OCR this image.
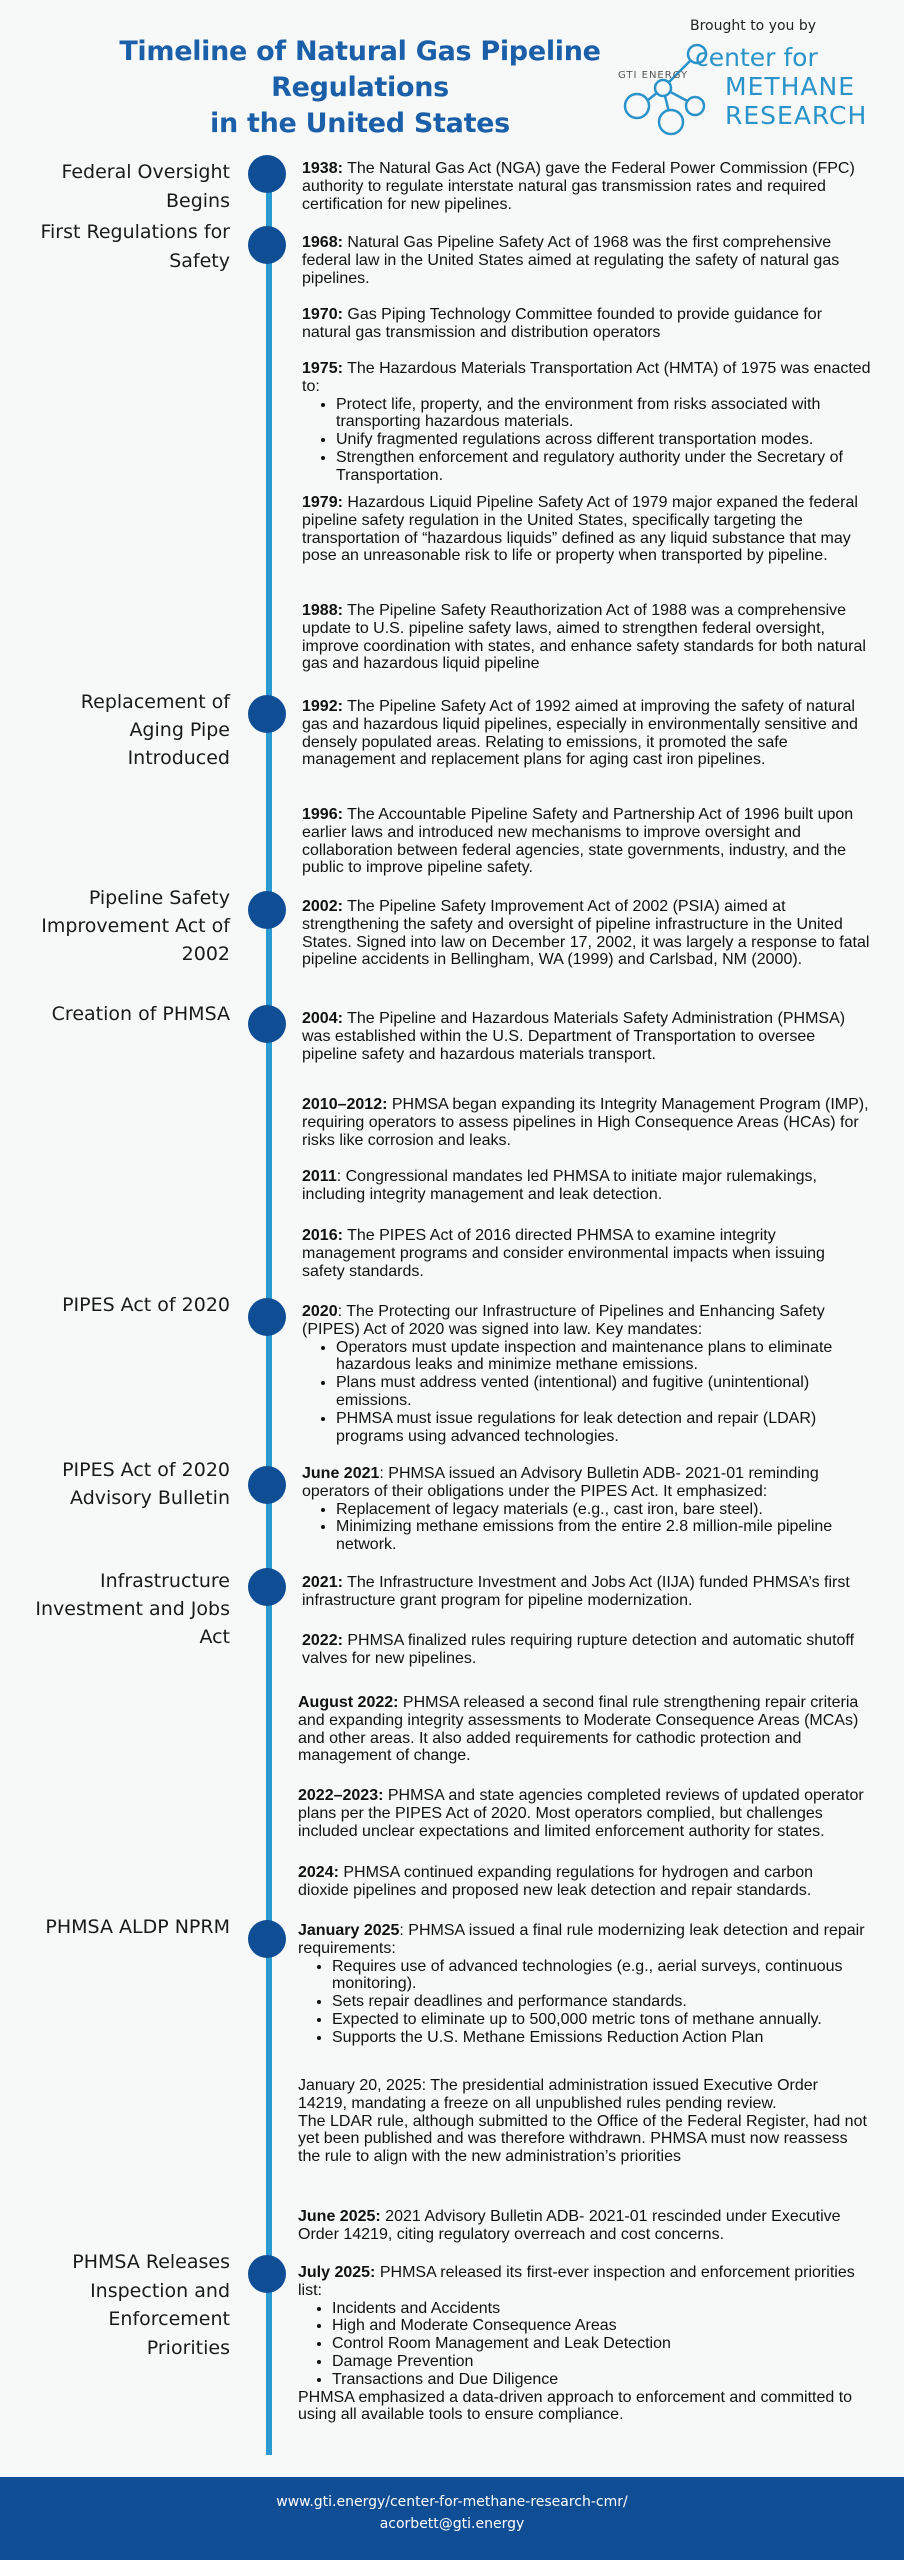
Timeline of Natural Gas Pipeline Regulations
in the United States
Brought to you by
GTI ENERGY
center for
METHANE
RESEARCH
Federal Oversight Begins
First Regulations for Safety
Replacement of Aging Pipe Introduced
Pipeline Safety Improvement Act of 2002
Creation of PHMSA
PIPES Act of 2020
PIPES Act of 2020 Advisory Bulletin
Infrastructure Investment and Jobs Act
PHMSA ALDP NPRM
PHMSA Releases Inspection and Enforcement Priorities
1938: The Natural Gas Act (NGA) gave the Federal Power Commission (FPC) authority to regulate interstate natural gas transmission rates and required certification for new pipelines.
1968: Natural Gas Pipeline Safety Act of 1968 was the first comprehensive federal law in the United States aimed at regulating the safety of natural gas pipelines.
1970: Gas Piping Technology Committee founded to provide guidance for natural gas transmission and distribution operators
1975: The Hazardous Materials Transportation Act (HMTA) of 1975 was enacted to:
• Protect life, property, and the environment from risks associated with transporting hazardous materials.
• Unify fragmented regulations across different transportation modes.
• Strengthen enforcement and regulatory authority under the Secretary of Transportation.
1979: Hazardous Liquid Pipeline Safety Act of 1979 major expaned the federal pipeline safety regulation in the United States, specifically targeting the transportation of “hazardous liquids” defined as any liquid substance that may pose an unreasonable risk to life or property when transported by pipeline.
1988: The Pipeline Safety Reauthorization Act of 1988 was a comprehensive update to U.S. pipeline safety laws, aimed to strengthen federal oversight, improve coordination with states, and enhance safety standards for both natural gas and hazardous liquid pipeline
1992: The Pipeline Safety Act of 1992 aimed at improving the safety of natural gas and hazardous liquid pipelines, especially in environmentally sensitive and densely populated areas. Relating to emissions, it promoted the safe management and replacement plans for aging cast iron pipelines.
1996: The Accountable Pipeline Safety and Partnership Act of 1996 built upon earlier laws and introduced new mechanisms to improve oversight and collaboration between federal agencies, state governments, industry, and the public to improve pipeline safety.
2002: The Pipeline Safety Improvement Act of 2002 (PSIA) aimed at strengthening the safety and oversight of pipeline infrastructure in the United States. Signed into law on December 17, 2002, it was largely a response to fatal pipeline accidents in Bellingham, WA (1999) and Carlsbad, NM (2000).
2004: The Pipeline and Hazardous Materials Safety Administration (PHMSA) was established within the U.S. Department of Transportation to oversee pipeline safety and hazardous materials transport.
2010–2012: PHMSA began expanding its Integrity Management Program (IMP), requiring operators to assess pipelines in High Consequence Areas (HCAs) for risks like corrosion and leaks.
2011: Congressional mandates led PHMSA to initiate major rulemakings, including integrity management and leak detection.
2016: The PIPES Act of 2016 directed PHMSA to examine integrity management programs and consider environmental impacts when issuing safety standards.
2020: The Protecting our Infrastructure of Pipelines and Enhancing Safety (PIPES) Act of 2020 was signed into law. Key mandates:
• Operators must update inspection and maintenance plans to eliminate hazardous leaks and minimize methane emissions.
• Plans must address vented (intentional) and fugitive (unintentional) emissions.
• PHMSA must issue regulations for leak detection and repair (LDAR) programs using advanced technologies.
June 2021: PHMSA issued an Advisory Bulletin ADB- 2021-01 reminding operators of their obligations under the PIPES Act. It emphasized:
• Replacement of legacy materials (e.g., cast iron, bare steel).
• Minimizing methane emissions from the entire 2.8 million-mile pipeline network.
2021: The Infrastructure Investment and Jobs Act (IIJA) funded PHMSA’s first infrastructure grant program for pipeline modernization.
2022: PHMSA finalized rules requiring rupture detection and automatic shutoff valves for new pipelines.
August 2022: PHMSA released a second final rule strengthening repair criteria and expanding integrity assessments to Moderate Consequence Areas (MCAs) and other areas. It also added requirements for cathodic protection and management of change.
2022–2023: PHMSA and state agencies completed reviews of updated operator plans per the PIPES Act of 2020. Most operators complied, but challenges included unclear expectations and limited enforcement authority for states.
2024: PHMSA continued expanding regulations for hydrogen and carbon dioxide pipelines and proposed new leak detection and repair standards.
January 2025: PHMSA issued a final rule modernizing leak detection and repair requirements:
• Requires use of advanced technologies (e.g., aerial surveys, continuous monitoring).
• Sets repair deadlines and performance standards.
• Expected to eliminate up to 500,000 metric tons of methane annually.
• Supports the U.S. Methane Emissions Reduction Action Plan

January 20, 2025: The presidential administration issued Executive Order 14219, mandating a freeze on all unpublished rules pending review.

The LDAR rule, although submitted to the Office of the Federal Register, had not yet been published and was therefore withdrawn. PHMSA must now reassess the rule to align with the new administration’s priorities

June 2025: 2021 Advisory Bulletin ADB- 2021-01 rescinded under Executive Order 14219, citing regulatory overreach and cost concerns.
July 2025: PHMSA released its first-ever inspection and enforcement priorities list:
• Incidents and Accidents
• High and Moderate Consequence Areas
• Control Room Management and Leak Detection
• Damage Prevention
• Transactions and Due Diligence

PHMSA emphasized a data-driven approach to enforcement and committed to using all available tools to ensure compliance.

www.gti.energy/center-for-methane-research-cmr/
acorbett@gti.energy
